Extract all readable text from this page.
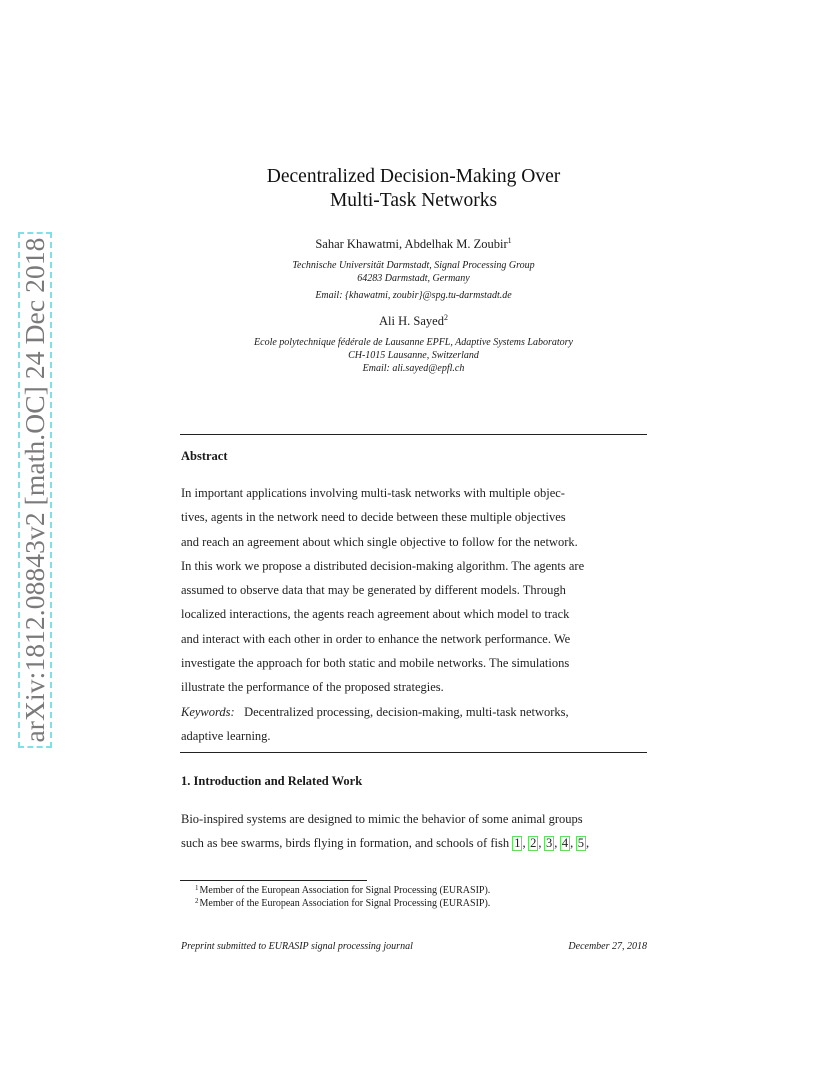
arXiv:1812.08843v2 [math.OC] 24 Dec 2018
Decentralized Decision-Making Over
Multi-Task Networks
Sahar Khawatmi, Abdelhak M. Zoubir$^1$
Technische Universität Darmstadt, Signal Processing Group
64283 Darmstadt, Germany
Email: {khawatmi, zoubir}@spg.tu-darmstadt.de
Ali H. Sayed$^2$
Ecole polytechnique fédérale de Lausanne EPFL, Adaptive Systems Laboratory
CH-1015 Lausanne, Switzerland
Email: ali.sayed@epfl.ch
Abstract
In important applications involving multi-task networks with multiple objec-
tives, agents in the network need to decide between these multiple objectives
and reach an agreement about which single objective to follow for the network.
In this work we propose a distributed decision-making algorithm. The agents are
assumed to observe data that may be generated by different models. Through
localized interactions, the agents reach agreement about which model to track
and interact with each other in order to enhance the network performance. We
investigate the approach for both static and mobile networks. The simulations
illustrate the performance of the proposed strategies.
Keywords: Decentralized processing, decision-making, multi-task networks,
adaptive learning.
1. Introduction and Related Work
Bio-inspired systems are designed to mimic the behavior of some animal groups
such as bee swarms, birds flying in formation, and schools of fish 1 , 2 , 3 , 4 , 5 ,
$^1$Member of the European Association for Signal Processing (EURASIP).
$^2$Member of the European Association for Signal Processing (EURASIP).
Preprint submitted to EURASIP signal processing journal	December 27, 2018
